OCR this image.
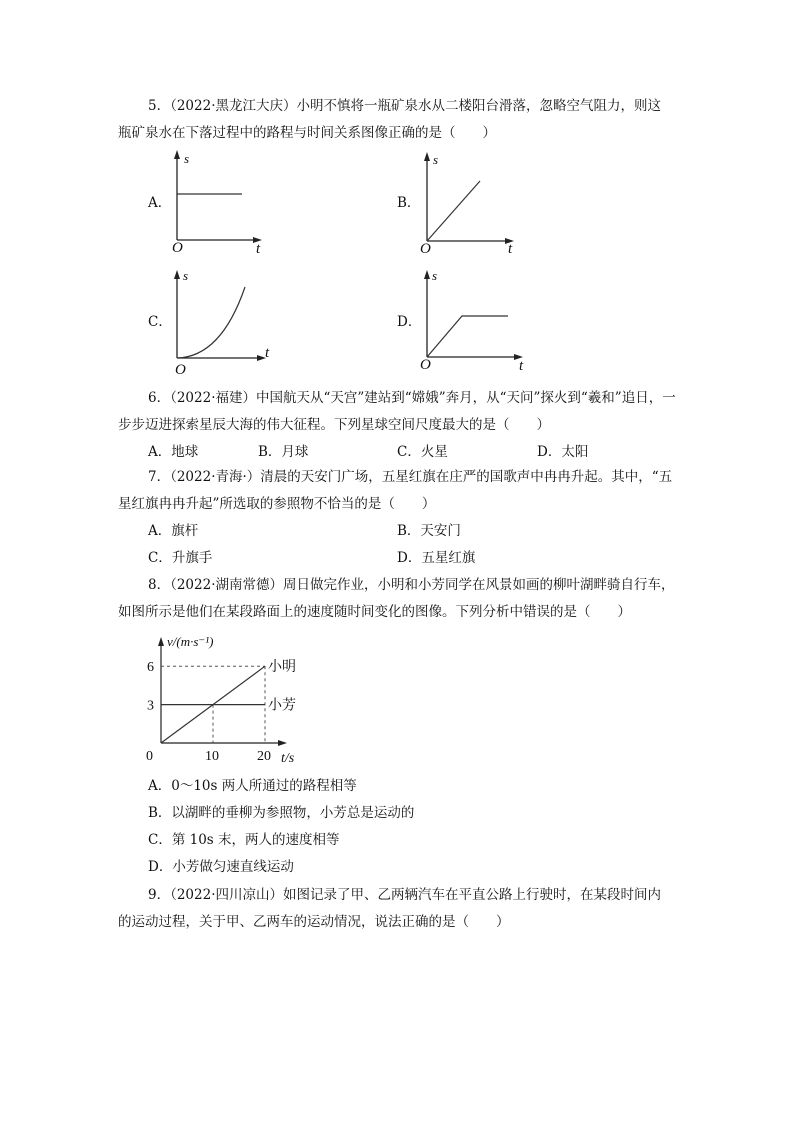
5．（2022·黑龙江大庆）小明不慎将一瓶矿泉水从二楼阳台滑落，忽略空气阻力，则这
瓶矿泉水在下落过程中的路程与时间关系图像正确的是（　　）
A．
s
O	t
B．
s
O	t
C．
s
O
t
D．
s
O	t
6．（2022·福建）中国航天从“天宫”建站到“嫦娥”奔月，从“天问”探火到“羲和”追日，一
步步迈进探索星辰大海的伟大征程。下列星球空间尺度最大的是（　　）
A．地球	B．月球	C．火星	D．太阳
7．（2022·青海·）清晨的天安门广场，五星红旗在庄严的国歌声中冉冉升起。其中，“五
星红旗冉冉升起”所选取的参照物不恰当的是（　　）
A．旗杆	B．天安门
C．升旗手	D．五星红旗
8．（2022·湖南常德）周日做完作业，小明和小芳同学在风景如画的柳叶湖畔骑自行车，
如图所示是他们在某段路面上的速度随时间变化的图像。下列分析中错误的是（　　）
小明
小芳
3
6
0	10	20
v/(m·s⁻¹)
t/s
A．0～10s 两人所通过的路程相等
B．以湖畔的垂柳为参照物，小芳总是运动的
C．第 10s 末，两人的速度相等
D．小芳做匀速直线运动
9．（2022·四川凉山）如图记录了甲、乙两辆汽车在平直公路上行驶时，在某段时间内
的运动过程，关于甲、乙两车的运动情况，说法正确的是（　　）
